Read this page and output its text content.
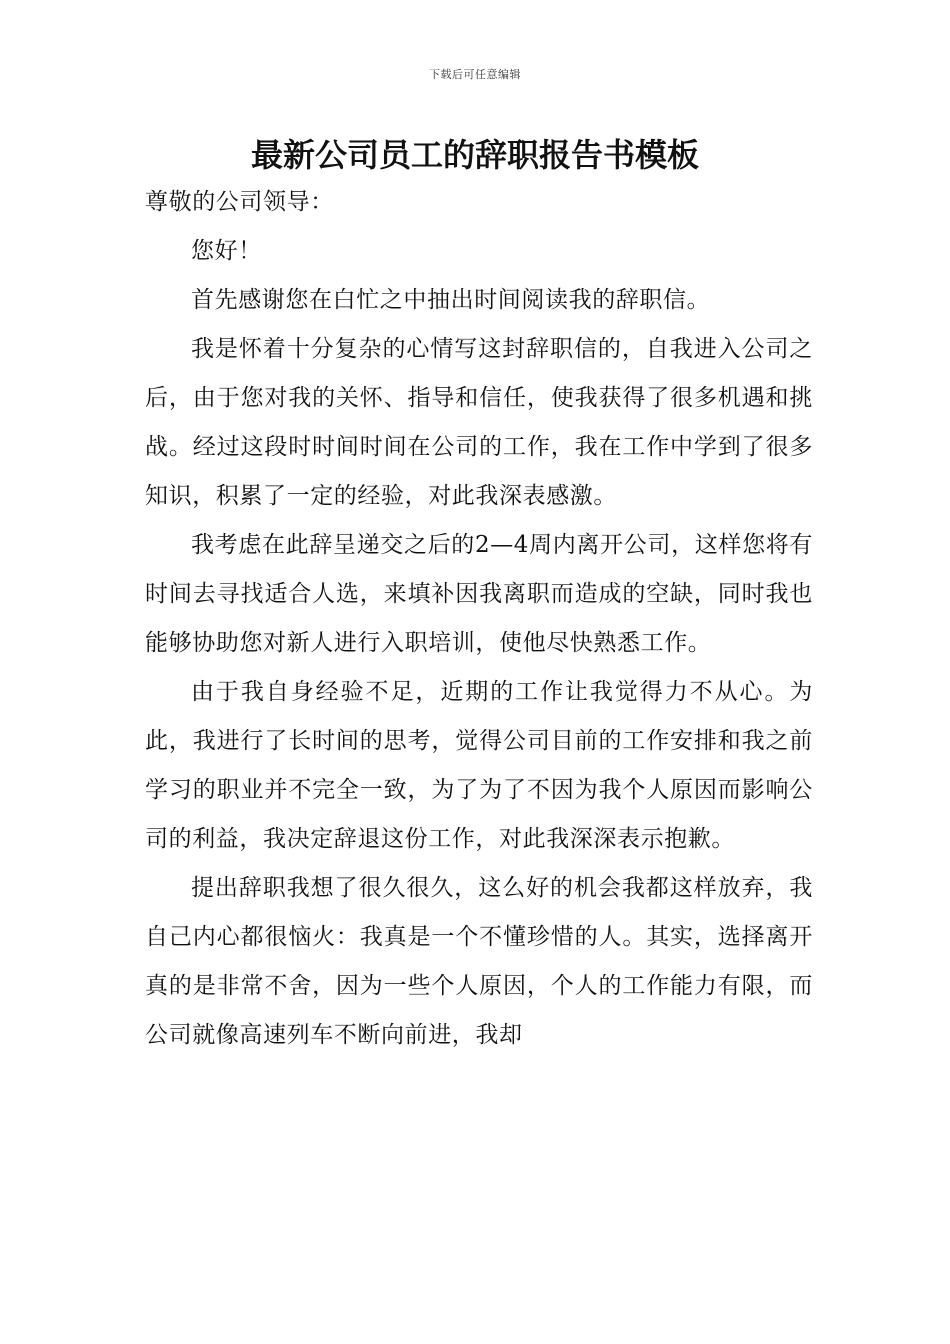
下载后可任意编辑
最新公司员工的辞职报告书模板

尊敬的公司领导：

您好！

首先感谢您在白忙之中抽出时间阅读我的辞职信。

我是怀着十分复杂的心情写这封辞职信的，自我进入公司之后，由于您对我的关怀、指导和信任，使我获得了很多机遇和挑战。经过这段时时间时间在公司的工作，我在工作中学到了很多知识，积累了一定的经验，对此我深表感激。

我考虑在此辞呈递交之后的2—4周内离开公司，这样您将有时间去寻找适合人选，来填补因我离职而造成的空缺，同时我也能够协助您对新人进行入职培训，使他尽快熟悉工作。

由于我自身经验不足，近期的工作让我觉得力不从心。为此，我进行了长时间的思考，觉得公司目前的工作安排和我之前学习的职业并不完全一致，为了为了不因为我个人原因而影响公司的利益，我决定辞退这份工作，对此我深深表示抱歉。

提出辞职我想了很久很久，这么好的机会我都这样放弃，我自己内心都很恼火：我真是一个不懂珍惜的人。其实，选择离开真的是非常不舍，因为一些个人原因，个人的工作能力有限，而公司就像高速列车不断向前进，我却
